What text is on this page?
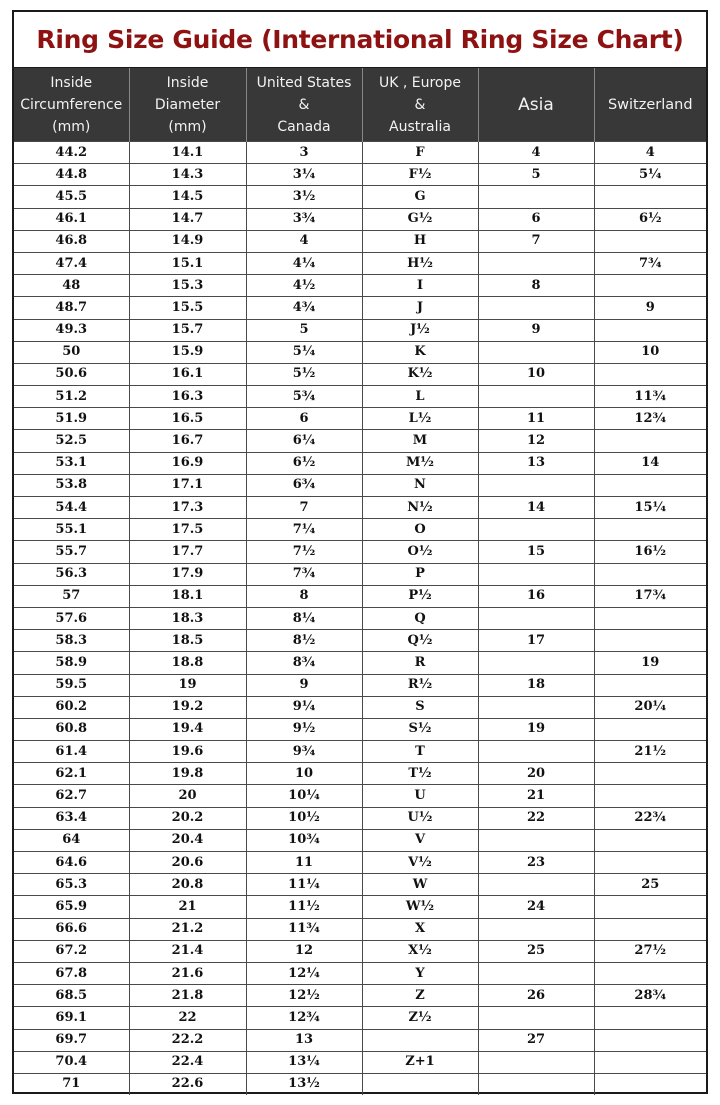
Ring Size Guide (International Ring Size Chart)
Inside
Circumference
(mm)	Inside
Diameter
(mm)	United States
&
Canada	UK , Europe
&
Australia	Asia	Switzerland
44.2	14.1	3	F	4	4
44.8	14.3	3¼	F½	5	5¼
45.5	14.5	3½	G		
46.1	14.7	3¾	G½	6	6½
46.8	14.9	4	H	7	
47.4	15.1	4¼	H½		7¾
48	15.3	4½	I	8	
48.7	15.5	4¾	J		9
49.3	15.7	5	J½	9	
50	15.9	5¼	K		10
50.6	16.1	5½	K½	10	
51.2	16.3	5¾	L		11¾
51.9	16.5	6	L½	11	12¾
52.5	16.7	6¼	M	12	
53.1	16.9	6½	M½	13	14
53.8	17.1	6¾	N		
54.4	17.3	7	N½	14	15¼
55.1	17.5	7¼	O		
55.7	17.7	7½	O½	15	16½
56.3	17.9	7¾	P		
57	18.1	8	P½	16	17¾
57.6	18.3	8¼	Q		
58.3	18.5	8½	Q½	17	
58.9	18.8	8¾	R		19
59.5	19	9	R½	18	
60.2	19.2	9¼	S		20¼
60.8	19.4	9½	S½	19	
61.4	19.6	9¾	T		21½
62.1	19.8	10	T½	20	
62.7	20	10¼	U	21	
63.4	20.2	10½	U½	22	22¾
64	20.4	10¾	V		
64.6	20.6	11	V½	23	
65.3	20.8	11¼	W		25
65.9	21	11½	W½	24	
66.6	21.2	11¾	X		
67.2	21.4	12	X½	25	27½
67.8	21.6	12¼	Y		
68.5	21.8	12½	Z	26	28¾
69.1	22	12¾	Z½		
69.7	22.2	13		27	
70.4	22.4	13¼	Z+1		
71	22.6	13½			
